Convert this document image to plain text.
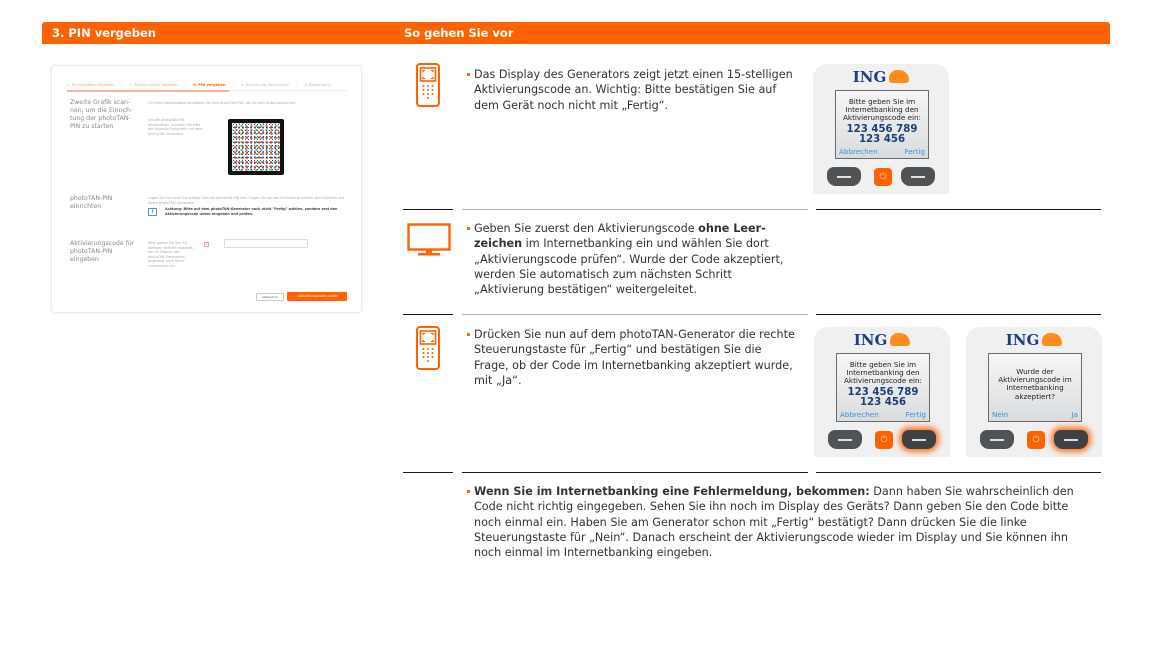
3. PIN vergeben	So gehen Sie vor
1. Ermittlsdaten eingeben | 2. Seriennummer auslesen | 3. PIN vergeben | 4. Aktivierung abschließen | 5. Bestätigung
Zweite Grafik scan-nen, um die Einrich-tung der photoTAN-PIN zu starten
Für Ihren Kontozugang benötigen Sie eine photoTAN-PIN, die Sie sich selbst aussuchen.
Um die photoTAN-PIN einzurichten, scannen Sie bitte die folgende Farbgrafik mit dem photoTAN-Generator.
photoTAN-PIN einrichten
Legen Sie nun eine 5-8-stellige Zahl als photoTAN-PIN fest. Folgen Sie bei der Einrichtung einfach den Schritten auf Ihrem photoTAN-Generator.
i	Achtung: Bitte auf dem photoTAN-Generator noch nicht "Fertig" wählen, sondern erst den Aktivierungscode unten eingeben und prüfen.
Aktivierungscode für photoTAN-PIN eingeben
Bitte geben Sie den 15-stelligen Aktivierungscode, der im Display des photoTAN-Generators angezeigt wird, ohne Leerzeichen ein.
×
Abbrechen	› Aktivierungscode prüfen
Das Display des Generators zeigt jetzt einen 15-stelligen Aktivierungscode an. Wichtig: Bitte bestätigen Sie auf dem Gerät noch nicht mit „Fertig“.
ING
Bitte geben Sie im Internetbanking den Aktivierungscode ein:
123 456 789
123 456
Abbrechen	Fertig
⏻
Geben Sie zuerst den Aktivierungscode ohne Leer-zeichen im Internetbanking ein und wählen Sie dort „Aktivierungscode prüfen“. Wurde der Code akzeptiert, werden Sie automatisch zum nächsten Schritt „Aktivierung bestätigen“ weitergeleitet.
Drücken Sie nun auf dem photoTAN-Generator die rechte Steuerungstaste für „Fertig“ und bestätigen Sie die Frage, ob der Code im Internetbanking akzeptiert wurde, mit „Ja“.
ING
Bitte geben Sie im Internetbanking den Aktivierungscode ein:
123 456 789
123 456
Abbrechen	Fertig
⏻
ING
Wurde der Aktivierungscode im Internetbanking akzeptiert?
Nein	Ja
⏻
Wenn Sie im Internetbanking eine Fehlermeldung, bekommen: Dann haben Sie wahrscheinlich den Code nicht richtig eingegeben. Sehen Sie ihn noch im Display des Geräts? Dann geben Sie den Code bitte noch einmal ein. Haben Sie am Generator schon mit „Fertig“ bestätigt? Dann drücken Sie die linke Steuerungstaste für „Nein“. Danach erscheint der Aktivierungscode wieder im Display und Sie können ihn noch einmal im Internetbanking eingeben.
